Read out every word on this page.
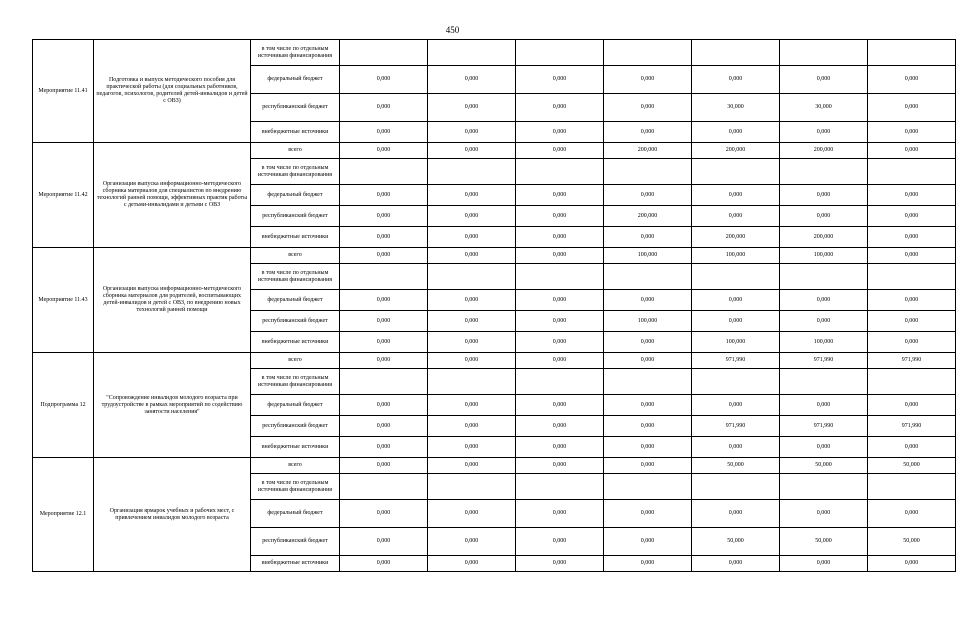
450
Мероприятие 11.41	Подготовка и выпуск методического пособия для практической работы (для социальных работников, педагогов, психологов, родителей детей-инвалидов и детей с ОВЗ)	в том числе по отдельным источникам финансирования							
		федеральный бюджет	0,000	0,000	0,000	0,000	0,000	0,000	0,000
		республиканский бюджет	0,000	0,000	0,000	0,000	30,000	30,000	0,000
		внебюджетные источники	0,000	0,000	0,000	0,000	0,000	0,000	0,000
Мероприятие 11.42	Организация выпуска информационно-методического сборника материалов для специалистов по внедрению технологий ранней помощи, эффективных практик работы с детьми-инвалидами и детьми с ОВЗ	всего	0,000	0,000	0,000	200,000	200,000	200,000	0,000
		в том числе по отдельным источникам финансирования							
		федеральный бюджет	0,000	0,000	0,000	0,000	0,000	0,000	0,000
		республиканский бюджет	0,000	0,000	0,000	200,000	0,000	0,000	0,000
		внебюджетные источники	0,000	0,000	0,000	0,000	200,000	200,000	0,000
Мероприятие 11.43	Организация выпуска информационно-методического сборника материалов для родителей, воспитывающих детей-инвалидов и детей с ОВЗ, по внедрению новых технологий ранней помощи	всего	0,000	0,000	0,000	100,000	100,000	100,000	0,000
		в том числе по отдельным источникам финансирования							
		федеральный бюджет	0,000	0,000	0,000	0,000	0,000	0,000	0,000
		республиканский бюджет	0,000	0,000	0,000	100,000	0,000	0,000	0,000
		внебюджетные источники	0,000	0,000	0,000	0,000	100,000	100,000	0,000
Подпрограмма 12	"Сопровождение инвалидов молодого возраста при трудоустройстве в рамках мероприятий по содействию занятости населения"	всего	0,000	0,000	0,000	0,000	971,990	971,990	971,990
		в том числе по отдельным источникам финансирования							
		федеральный бюджет	0,000	0,000	0,000	0,000	0,000	0,000	0,000
		республиканский бюджет	0,000	0,000	0,000	0,000	971,990	971,990	971,990
		внебюджетные источники	0,000	0,000	0,000	0,000	0,000	0,000	0,000
Мероприятие 12.1	Организация ярмарок учебных и рабочих мест, с привлечением инвалидов молодого возраста	всего	0,000	0,000	0,000	0,000	50,000	50,000	50,000
		в том числе по отдельным источникам финансирования							
		федеральный бюджет	0,000	0,000	0,000	0,000	0,000	0,000	0,000
		республиканский бюджет	0,000	0,000	0,000	0,000	50,000	50,000	50,000
		внебюджетные источники	0,000	0,000	0,000	0,000	0,000	0,000	0,000
